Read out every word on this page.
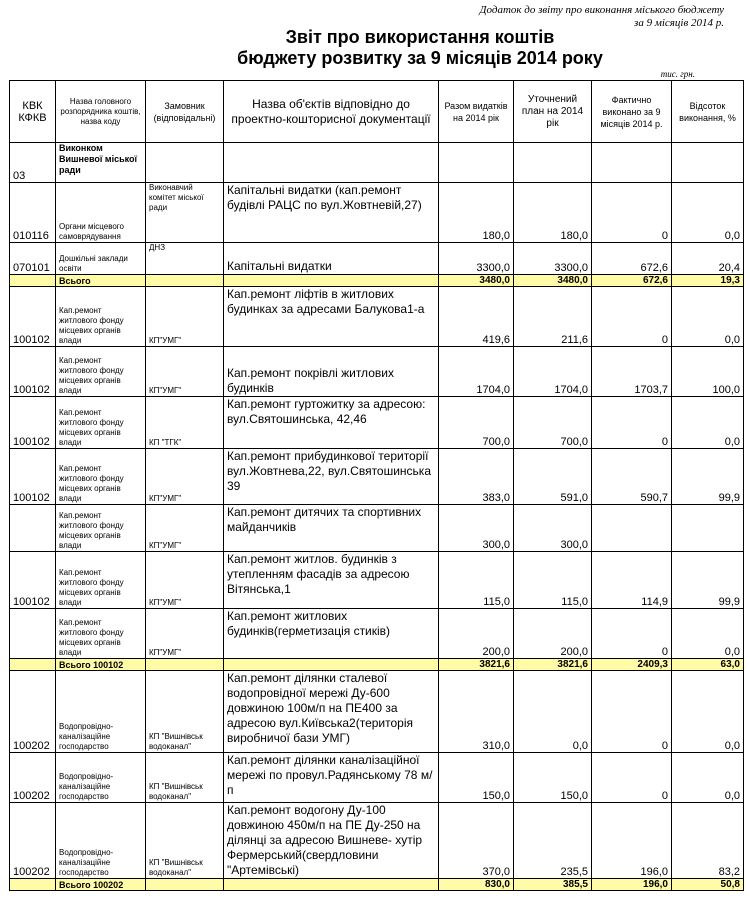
Додаток до звіту про виконання міського бюджету
за 9 місяців 2014 р.
Звіт про використання коштів
бюджету розвитку за 9 місяців 2014 року
тис. грн.
КВК КФКВ	Назва головного розпорядника коштів, назва коду	Замовник (відповідальні)	Назва об'єктів відповідно до проектно-кошторисної документації	Разом видатків на 2014 рік	Уточнений план на 2014 рік	Фактично виконано за 9 місяців 2014 р.	Відсоток виконання, %
03	Виконком Вишневої міської ради						
010116	Органи місцевого самоврядування	Виконавчий комітет міської ради	Капітальні видатки (кап.ремонт будівлі РАЦС по вул.Жовтневій,27)	180,0	180,0	0	0,0
070101	Дошкільні заклади освіти	ДНЗ	Капітальні видатки	3300,0	3300,0	672,6	20,4
	Всього			3480,0	3480,0	672,6	19,3
100102	Кап.ремонт житлового фонду місцевих органів влади	КП"УМГ"	Кап.ремонт ліфтів в житлових будинках за адресами Балукова1-а	419,6	211,6	0	0,0
100102	Кап.ремонт житлового фонду місцевих органів влади	КП"УМГ"	Кап.ремонт покрівлі житлових будинків	1704,0	1704,0	1703,7	100,0
100102	Кап.ремонт житлового фонду місцевих органів влади	КП "ТГК"	Кап.ремонт гуртожитку за адресою: вул.Святошинська, 42,46	700,0	700,0	0	0,0
100102	Кап.ремонт житлового фонду місцевих органів влади	КП"УМГ"	Кап.ремонт прибудинкової території вул.Жовтнева,22, вул.Святошинська 39	383,0	591,0	590,7	99,9
	Кап.ремонт житлового фонду місцевих органів влади	КП"УМГ"	Кап.ремонт дитячих та спортивних майданчиків	300,0	300,0		
100102	Кап.ремонт житлового фонду місцевих органів влади	КП"УМГ"	Кап.ремонт житлов. будинків з утепленням фасадів за адресою Вітянська,1	115,0	115,0	114,9	99,9
	Кап.ремонт житлового фонду місцевих органів влади	КП"УМГ"	Кап.ремонт житлових будинків(герметизація стиків)	200,0	200,0	0	0,0
	Всього 100102			3821,6	3821,6	2409,3	63,0
100202	Водопровідно-каналізаційне господарство	КП "Вишнівськ водоканал"	Кап.ремонт ділянки сталевої водопровідної мережі Ду-600 довжиною 100м/п на ПЕ400 за адресою вул.Київська2(територія виробничої бази УМГ)	310,0	0,0	0	0,0
100202	Водопровідно-каналізаційне господарство	КП "Вишнівськ водоканал"	Кап.ремонт ділянки каналізаційної мережі по провул.Радянському 78 м/п	150,0	150,0	0	0,0
100202	Водопровідно-каналізаційне господарство	КП "Вишнівськ водоканал"	Кап.ремонт водогону Ду-100 довжиною 450м/п на ПЕ Ду-250 на ділянці за адресою Вишневе- хутір Фермерський(свердловини "Артемівські)	370,0	235,5	196,0	83,2
	Всього 100202			830,0	385,5	196,0	50,8
